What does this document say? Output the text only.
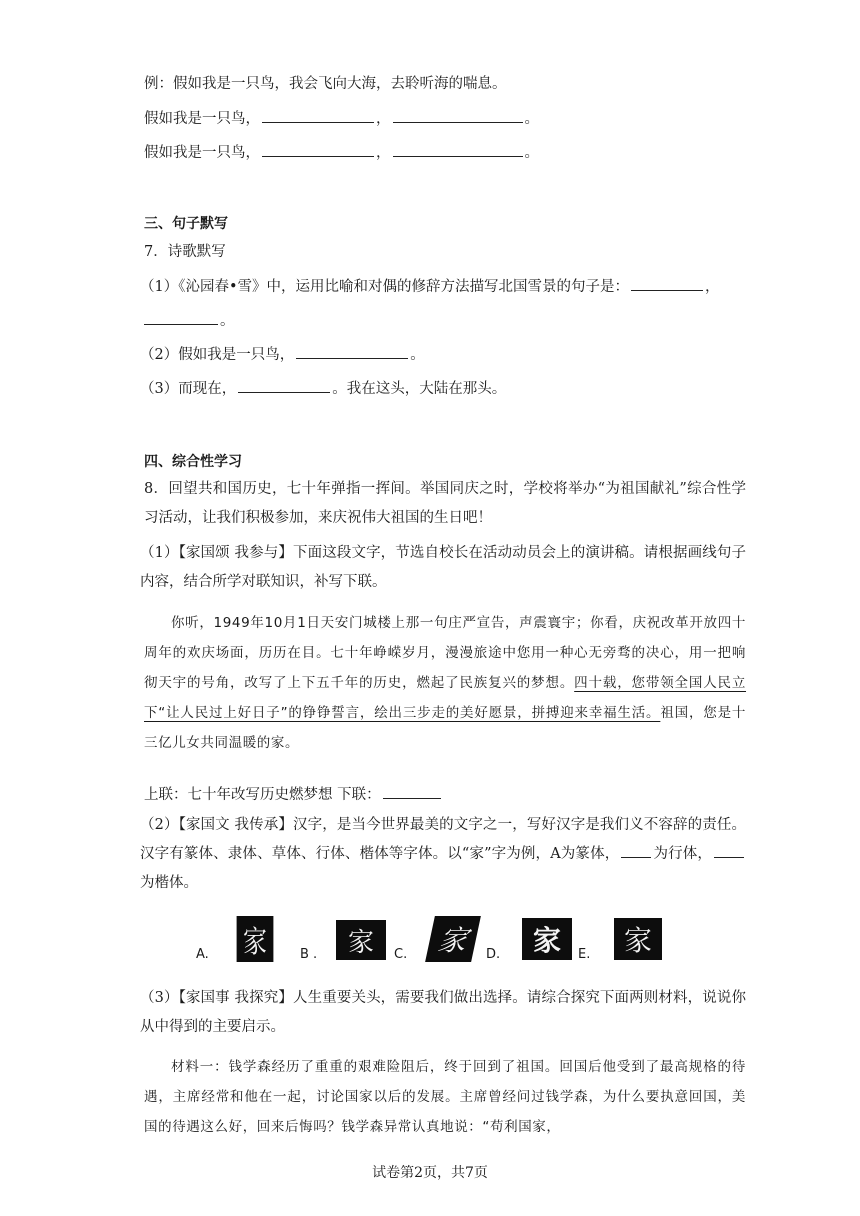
例：假如我是一只鸟，我会飞向大海，去聆听海的喘息。
假如我是一只鸟，	，	。
假如我是一只鸟，	，	。
三、句子默写
7．诗歌默写
（1）《沁园春•雪》中，运用比喻和对偶的修辞方法描写北国雪景的句子是：	，
。
（2）假如我是一只鸟，	。
（3）而现在，	。我在这头，大陆在那头。
四、综合性学习
8．回望共和国历史，七十年弹指一挥间。举国同庆之时，学校将举办“为祖国献礼”综合性学习活动，让我们积极参加，来庆祝伟大祖国的生日吧！
（1）【家国颂 我参与】下面这段文字，节选自校长在活动动员会上的演讲稿。请根据画线句子内容，结合所学对联知识，补写下联。

你听，1949年10月1日天安门城楼上那一句庄严宣告，声震寰宇；你看，庆祝改革开放四十周年的欢庆场面，历历在目。七十年峥嵘岁月，漫漫旅途中您用一种心无旁骛的决心，用一把响彻天宇的号角，改写了上下五千年的历史，燃起了民族复兴的梦想。四十载，您带领全国人民立下“让人民过上好日子”的铮铮誓言，绘出三步走的美好愿景，拼搏迎来幸福生活。祖国，您是十三亿儿女共同温暖的家。

上联：七十年改写历史燃梦想 下联：
（2）【家国文 我传承】汉字，是当今世界最美的文字之一，写好汉字是我们义不容辞的责任。汉字有篆体、隶体、草体、行体、楷体等字体。以“家”字为例，A为篆体， 为行体，为楷体。
A. 家	B .	家	C. 家	D.	家	E.	家
（3）【家国事 我探究】人生重要关头，需要我们做出选择。请综合探究下面两则材料，说说你从中得到的主要启示。

材料一：钱学森经历了重重的艰难险阻后，终于回到了祖国。回国后他受到了最高规格的待遇，主席经常和他在一起，讨论国家以后的发展。主席曾经问过钱学森，为什么要执意回国，美国的待遇这么好，回来后悔吗？钱学森异常认真地说：“苟利国家，

试卷第2页，共7页
